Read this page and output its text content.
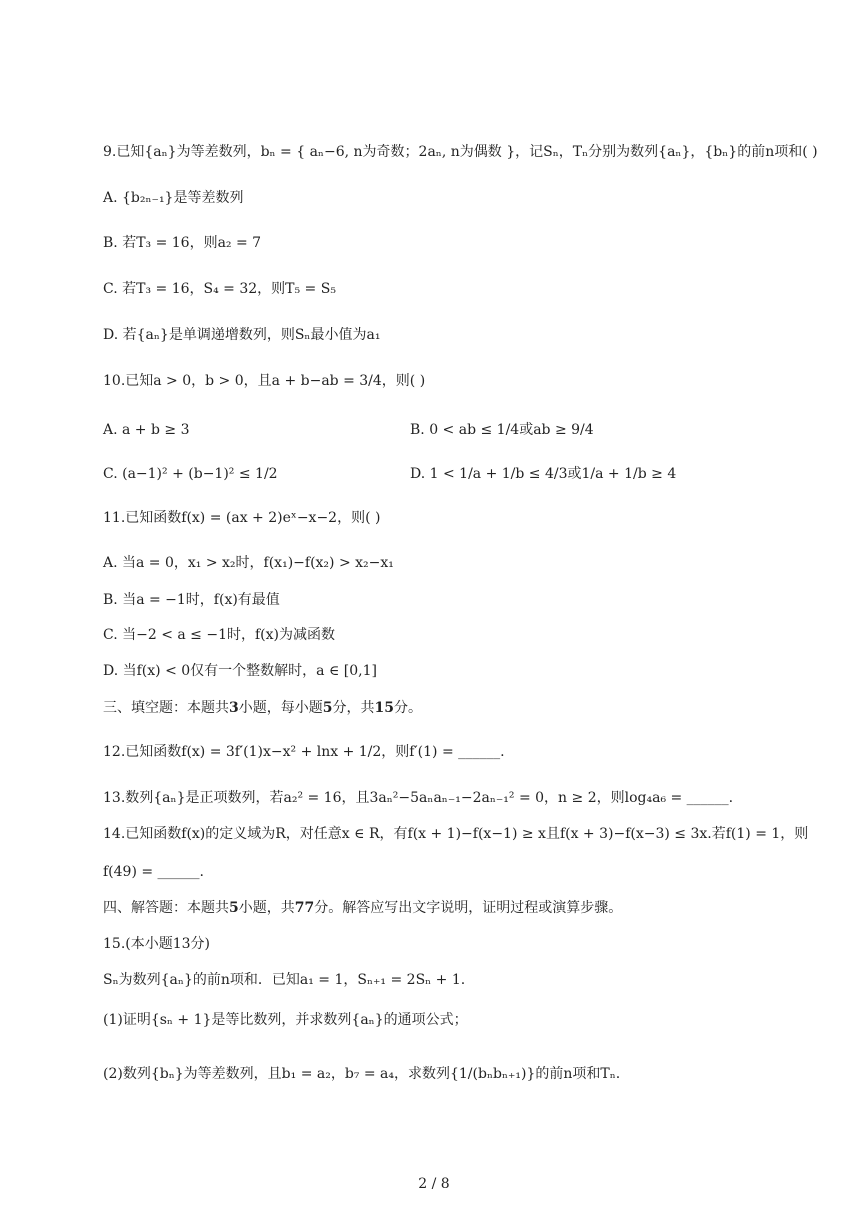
9.已知{aₙ}为等差数列，bₙ = { aₙ−6, n为奇数；2aₙ, n为偶数 }，记Sₙ，Tₙ分别为数列{aₙ}，{bₙ}的前n项和( )
A. {b₂ₙ₋₁}是等差数列
B. 若T₃ = 16，则a₂ = 7
C. 若T₃ = 16，S₄ = 32，则T₅ = S₅
D. 若{aₙ}是单调递增数列，则Sₙ最小值为a₁
10.已知a > 0，b > 0，且a + b−ab = 3/4，则( )
A. a + b ≥ 3	B. 0 < ab ≤ 1/4或ab ≥ 9/4
C. (a−1)² + (b−1)² ≤ 1/2	D. 1 < 1/a + 1/b ≤ 4/3或1/a + 1/b ≥ 4
11.已知函数f(x) = (ax + 2)eˣ−x−2，则( )
A. 当a = 0，x₁ > x₂时，f(x₁)−f(x₂) > x₂−x₁
B. 当a = −1时，f(x)有最值
C. 当−2 < a ≤ −1时，f(x)为减函数
D. 当f(x) < 0仅有一个整数解时，a ∈ [0,1]
三、填空题：本题共3小题，每小题5分，共15分。
12.已知函数f(x) = 3f′(1)x−x² + lnx + 1/2，则f′(1) = ______.
13.数列{aₙ}是正项数列，若a₂² = 16，且3aₙ²−5aₙaₙ₋₁−2aₙ₋₁² = 0，n ≥ 2，则log₄a₆ = ______.
14.已知函数f(x)的定义域为R，对任意x ∈ R，有f(x + 1)−f(x−1) ≥ x且f(x + 3)−f(x−3) ≤ 3x.若f(1) = 1，则
f(49) = ______.
四、解答题：本题共5小题，共77分。解答应写出文字说明，证明过程或演算步骤。
15.(本小题13分)
Sₙ为数列{aₙ}的前n项和．已知a₁ = 1，Sₙ₊₁ = 2Sₙ + 1.
(1)证明{sₙ + 1}是等比数列，并求数列{aₙ}的通项公式；
(2)数列{bₙ}为等差数列，且b₁ = a₂，b₇ = a₄，求数列{1/(bₙbₙ₊₁)}的前n项和Tₙ.
2 / 8
